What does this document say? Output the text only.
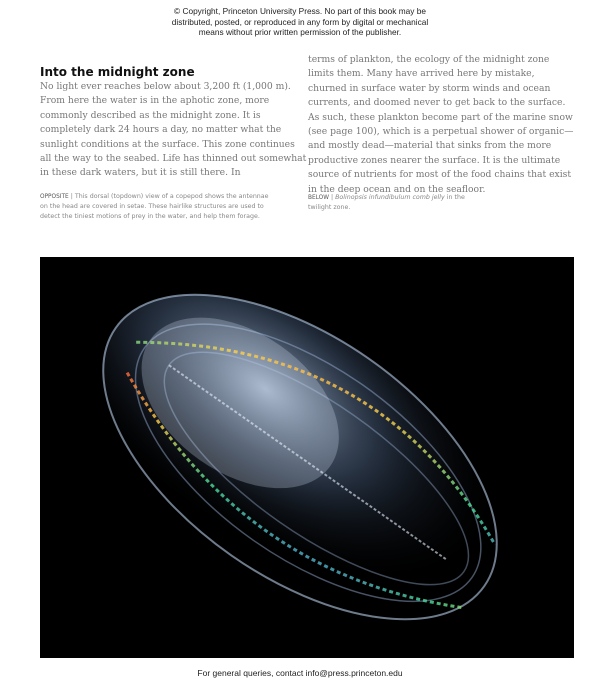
© Copyright, Princeton University Press. No part of this book may be
distributed, posted, or reproduced in any form by digital or mechanical
means without prior written permission of the publisher.
Into the midnight zone

No light ever reaches below about 3,200 ft (1,000 m). From here the water is in the aphotic zone, more commonly described as the midnight zone. It is completely dark 24 hours a day, no matter what the sunlight conditions at the surface. This zone continues all the way to the seabed. Life has thinned out somewhat in these dark waters, but it is still there. In

terms of plankton, the ecology of the midnight zone limits them. Many have arrived here by mistake, churned in surface water by storm winds and ocean currents, and doomed never to get back to the surface. As such, these plankton become part of the marine snow (see page 100), which is a perpetual shower of organic—and mostly dead—material that sinks from the more productive zones nearer the surface. It is the ultimate source of nutrients for most of the food chains that exist in the deep ocean and on the seafloor.

OPPOSITE | This dorsal (topdown) view of a copepod shows the antennae on the head are covered in setae. These hairlike structures are used to detect the tiniest motions of prey in the water, and help them forage.
BELOW | Bolinopsis infundibulum comb jelly in the twilight zone.
For general queries, contact info@press.princeton.edu
